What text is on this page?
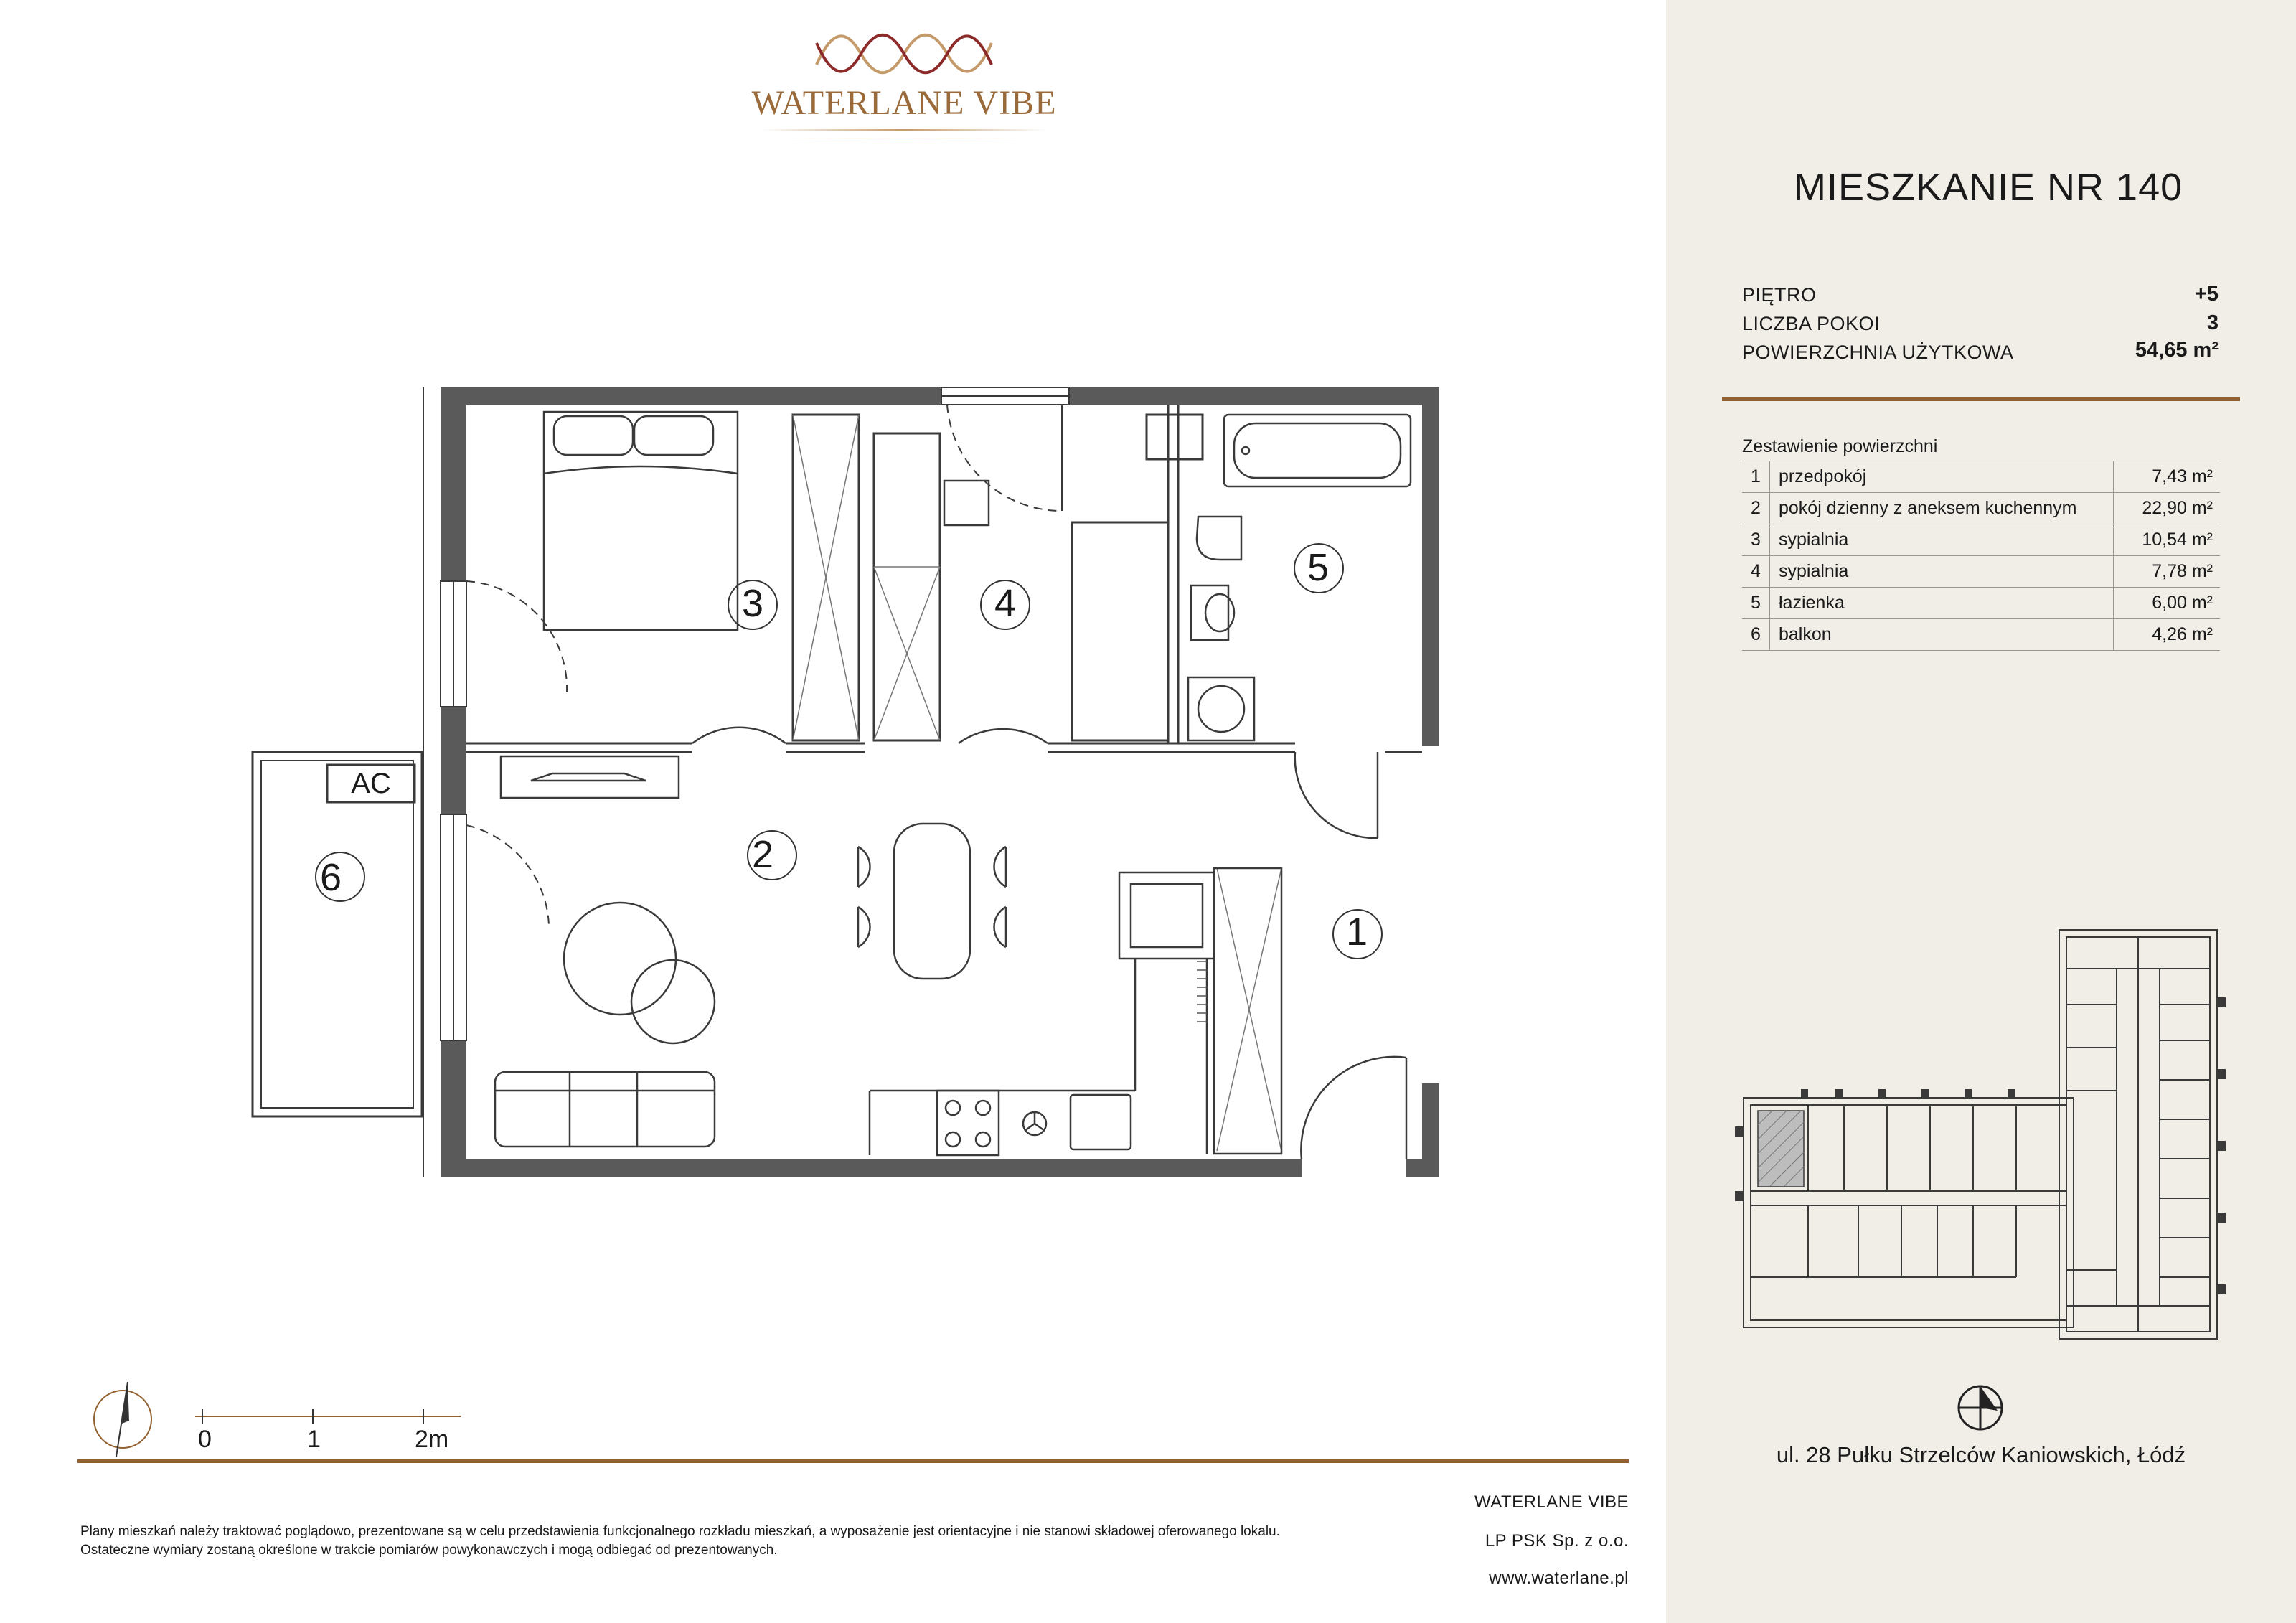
WATERLANE VIBE
1
2
3	4
5
6
AC
0	1	2m
Plany mieszkań należy traktować poglądowo, prezentowane są w celu przedstawienia funkcjonalnego rozkładu mieszkań, a wyposażenie jest orientacyjne i nie stanowi składowej oferowanego lokalu.
Ostateczne wymiary zostaną określone w trakcie pomiarów powykonawczych i mogą odbiegać od prezentowanych.
WATERLANE VIBE
LP PSK Sp. z o.o.
www.waterlane.pl
MIESZKANIE NR 140
PIĘTRO	+5
LICZBA POKOI	3
POWIERZCHNIA UŻYTKOWA	54,65 m²
Zestawienie powierzchni
1	przedpokój	7,43 m²
2	pokój dzienny z aneksem kuchennym	22,90 m²
3	sypialnia	10,54 m²
4	sypialnia	7,78 m²
5	łazienka	6,00 m²
6	balkon	4,26 m²
ul. 28 Pułku Strzelców Kaniowskich, Łódź
